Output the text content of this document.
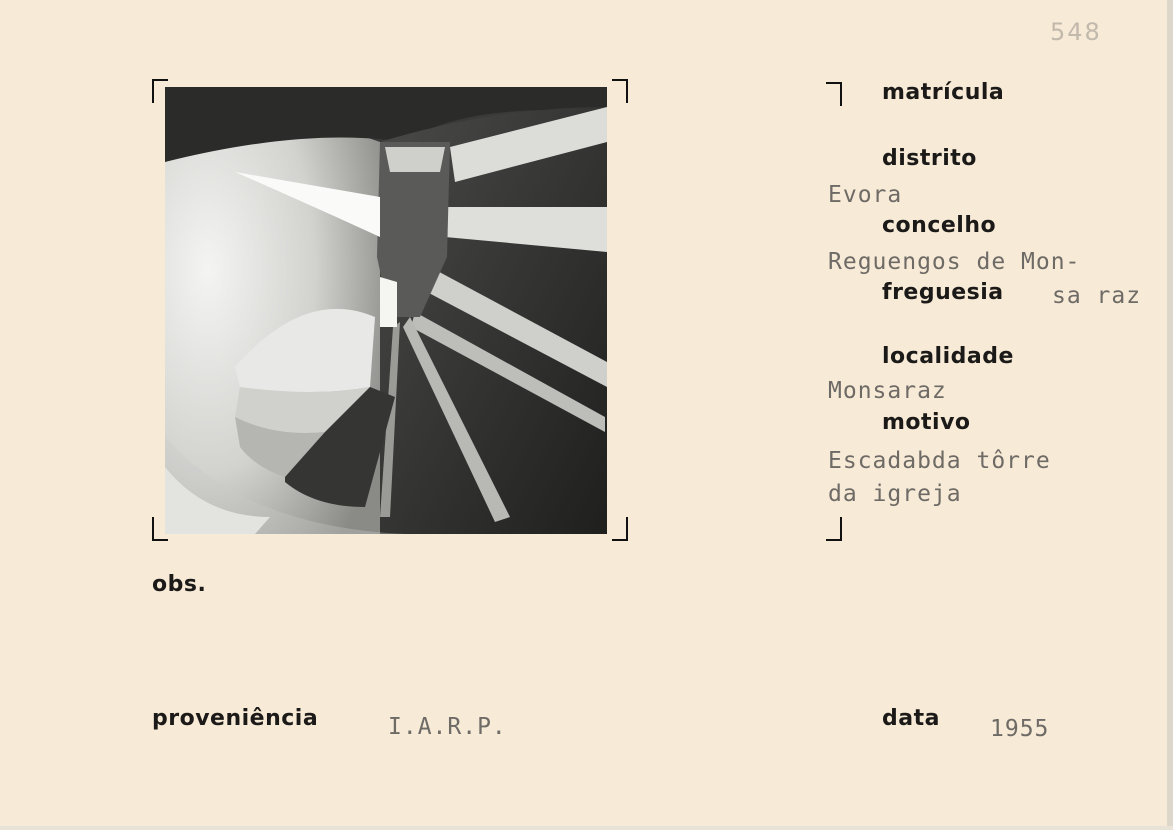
548
matrícula
distrito
Evora
concelho
Reguengos de Mon-
freguesia sa raz
localidade
Monsaraz
motivo
Escadabda tôrre
da igreja
obs.
proveniência	I.A.R.P.	data 1955
